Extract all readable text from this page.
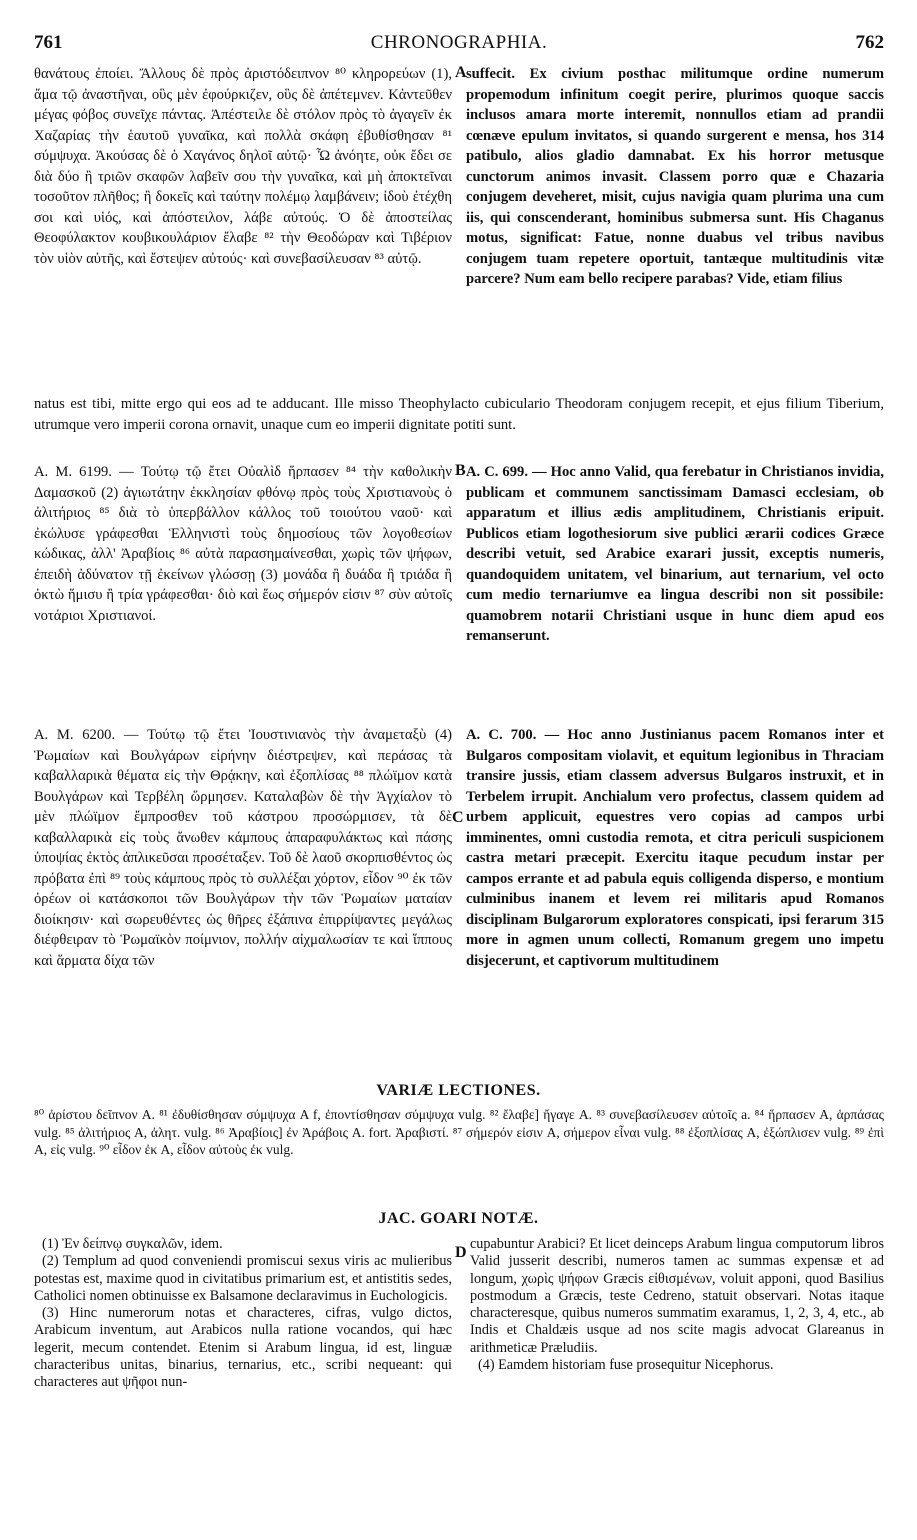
761	CHRONOGRAPHIA.	762

θανάτους ἐποίει. Ἄλλους δὲ πρὸς ἀριστόδειπνον ⁸⁰ κληρορεύων (1), ἅμα τῷ ἀναστῆναι, οὓς μὲν ἐφούρκιζεν, οὓς δὲ ἀπέτεμνεν. Κἀντεῦθεν μέγας φόβος συνεῖχε πάντας. Ἀπέστειλε δὲ στόλον πρὸς τὸ ἀγαγεῖν ἐκ Χαζαρίας τὴν ἑαυτοῦ γυναῖκα, καὶ πολλὰ σκάφη ἐβυθίσθησαν ⁸¹ σύμψυχα. Ἀκούσας δὲ ὁ Χαγάνος δηλοῖ αὐτῷ· Ὦ ἀνόητε, οὐκ ἔδει σε διὰ δύο ἢ τριῶν σκαφῶν λαβεῖν σου τὴν γυναῖκα, καὶ μὴ ἀποκτεῖναι τοσοῦτον πλῆθος; ἢ δοκεῖς καὶ ταύτην πολέμῳ λαμβάνειν; ἰδοὺ ἐτέχθη σοι καὶ υἱός, καὶ ἀπόστειλον, λάβε αὐτούς. Ὁ δὲ ἀποστείλας Θεοφύλακτον κουβικουλάριον ἔλαβε ⁸² τὴν Θεοδώραν καὶ Τιβέριον τὸν υἱὸν αὐτῆς, καὶ ἔστεψεν αὐτούς· καὶ συνεβασίλευσαν ⁸³ αὐτῷ.

A suffecit. Ex civium posthac militumque ordine numerum propemodum infinitum coegit perire, plurimos quoque saccis inclusos amara morte interemit, nonnullos etiam ad prandii cœnæve epulum invitatos, si quando surgerent e mensa, hos 314 patibulo, alios gladio damnabat. Ex his horror metusque cunctorum animos invasit. Classem porro quæ e Chazaria conjugem deveheret, misit, cujus navigia quam plurima una cum iis, qui conscenderant, hominibus submersa sunt. His Chaganus motus, significat: Fatue, nonne duabus vel tribus navibus conjugem tuam repetere oportuit, tantæque multitudinis vitæ parcere? Num eam bello recipere parabas? Vide, etiam filius

natus est tibi, mitte ergo qui eos ad te adducant. Ille misso Theophylacto cubiculario Theodoram conjugem recepit, et ejus filium Tiberium, utrumque vero imperii corona ornavit, unaque cum eo imperii dignitate potiti sunt.

A. M. 6199. — Τούτῳ τῷ ἔτει Οὐαλὶδ ἥρπασεν ⁸⁴ τὴν καθολικὴν Δαμασκοῦ (2) ἁγιωτάτην ἐκκλησίαν φθόνῳ πρὸς τοὺς Χριστιανοὺς ὁ ἀλιτήριος ⁸⁵ διὰ τὸ ὑπερβάλλον κάλλος τοῦ τοιούτου ναοῦ· καὶ ἐκώλυσε γράφεσθαι Ἑλληνιστὶ τοὺς δημοσίους τῶν λογοθεσίων κώδικας, ἀλλ' Ἀραβίοις ⁸⁶ αὐτὰ παρασημαίνεσθαι, χωρὶς τῶν ψήφων, ἐπειδὴ ἀδύνατον τῇ ἐκείνων γλώσσῃ (3) μονάδα ἢ δυάδα ἢ τριάδα ἢ ὀκτὼ ἥμισυ ἢ τρία γράφεσθαι· διὸ καὶ ἕως σήμερόν εἰσιν ⁸⁷ σὺν αὐτοῖς νοτάριοι Χριστιανοί.

B A. C. 699. — Hoc anno Valid, qua ferebatur in Christianos invidia, publicam et communem sanctissimam Damasci ecclesiam, ob apparatum et illius ædis amplitudinem, Christianis eripuit. Publicos etiam logothesiorum sive publici ærarii codices Græce describi vetuit, sed Arabice exarari jussit, exceptis numeris, quandoquidem unitatem, vel binarium, aut ternarium, vel octo cum medio ternariumve ea lingua describi non sit possibile: quamobrem notarii Christiani usque in hunc diem apud eos remanserunt.

A. M. 6200. — Τούτῳ τῷ ἔτει Ἰουστινιανὸς τὴν ἀναμεταξὺ (4) Ῥωμαίων καὶ Βουλγάρων εἰρήνην διέστρεψεν, καὶ περάσας τὰ καβαλλαρικὰ θέματα εἰς τὴν Θρᾴκην, καὶ ἐξοπλίσας ⁸⁸ πλώϊμον κατὰ Βουλγάρων καὶ Τερβέλη ὥρμησεν. Καταλαβὼν δὲ τὴν Ἀγχίαλον τὸ μὲν πλώϊμον ἔμπροσθεν τοῦ κάστρου προσώρμισεν, τὰ δὲ καβαλλαρικὰ εἰς τοὺς ἄνωθεν κάμπους ἀπαραφυλάκτως καὶ πάσης ὑποψίας ἐκτὸς ἀπλικεῦσαι προσέταξεν. Τοῦ δὲ λαοῦ σκορπισθέντος ὡς πρόβατα ἐπὶ ⁸⁹ τοὺς κάμπους πρὸς τὸ συλλέξαι χόρτον, εἶδον ⁹⁰ ἐκ τῶν ὀρέων οἱ κατάσκοποι τῶν Βουλγάρων τὴν τῶν Ῥωμαίων ματαίαν διοίκησιν· καὶ σωρευθέντες ὡς θῆρες ἐξάπινα ἐπιρρίψαντες μεγάλως διέφθειραν τὸ Ῥωμαϊκὸν ποίμνιον, πολλήν αἰχμαλωσίαν τε καὶ ἵππους καὶ ἅρματα δίχα τῶν

C

A. C. 700. — Hoc anno Justinianus pacem Romanos inter et Bulgaros compositam violavit, et equitum legionibus in Thraciam transire jussis, etiam classem adversus Bulgaros instruxit, et in Terbelem irrupit. Anchialum vero profectus, classem quidem ad urbem applicuit, equestres vero copias ad campos urbi imminentes, omni custodia remota, et citra periculi suspicionem castra metari præcepit. Exercitu itaque pecudum instar per campos errante et ad pabula equis colligenda disperso, e montium culminibus inanem et levem rei militaris apud Romanos disciplinam Bulgarorum exploratores conspicati, ipsi ferarum 315 more in agmen unum collecti, Romanum gregem uno impetu disjecerunt, et captivorum multitudinem

VARIÆ LECTIONES.
⁸⁰ ἀρίστου δεῖπνον A. ⁸¹ ἐδυθίσθησαν σύμψυχα A f, ἐποντίσθησαν σύμψυχα vulg. ⁸² ἔλαβε] ἤγαγε A. ⁸³ συνεβασίλευσεν αὐτοῖς a. ⁸⁴ ἥρπασεν A, ἁρπάσας vulg. ⁸⁵ ἀλιτήριος A, ἀλητ. vulg. ⁸⁶ Ἀραβίοις] ἐν Ἀράβοις A. fort. Ἀραβιστί. ⁸⁷ σήμερόν εἰσιν A, σήμερον εἶναι vulg. ⁸⁸ ἐξοπλίσας A, ἐξώπλισεν vulg. ⁸⁹ ἐπὶ A, εἰς vulg. ⁹⁰ εἶδον ἐκ A, εἶδον αὐτοὺς ἐκ vulg.
JAC. GOARI NOTÆ.

(1) Ἐν δείπνῳ συγκαλῶν, idem.

(2) Templum ad quod conveniendi promiscui sexus viris ac mulieribus potestas est, maxime quod in civitatibus primarium est, et antistitis sedes, Catholici nomen obtinuisse ex Balsamone declaravimus in Euchologicis.

(3) Hinc numerorum notas et characteres, cifras, vulgo dictos, Arabicum inventum, aut Arabicos nulla ratione vocandos, qui hæc legerit, mecum contendet. Etenim si Arabum lingua, id est, linguæ characteribus unitas, binarius, ternarius, etc., scribi nequeant: qui characteres aut ψῆφοι nun-

D cupabuntur Arabici? Et licet deinceps Arabum lingua computorum libros Valid jusserit describi, numeros tamen ac summas expensæ et ad longum, χωρὶς ψήφων Græcis εἰθισμένων, voluit apponi, quod Basilius postmodum a Græcis, teste Cedreno, statuit observari. Notas itaque characteresque, quibus numeros summatim exaramus, 1, 2, 3, 4, etc., ab Indis et Chaldæis usque ad nos scite magis advocat Glareanus in arithmeticæ Præludiis.

(4) Eamdem historiam fuse prosequitur Nicephorus.
